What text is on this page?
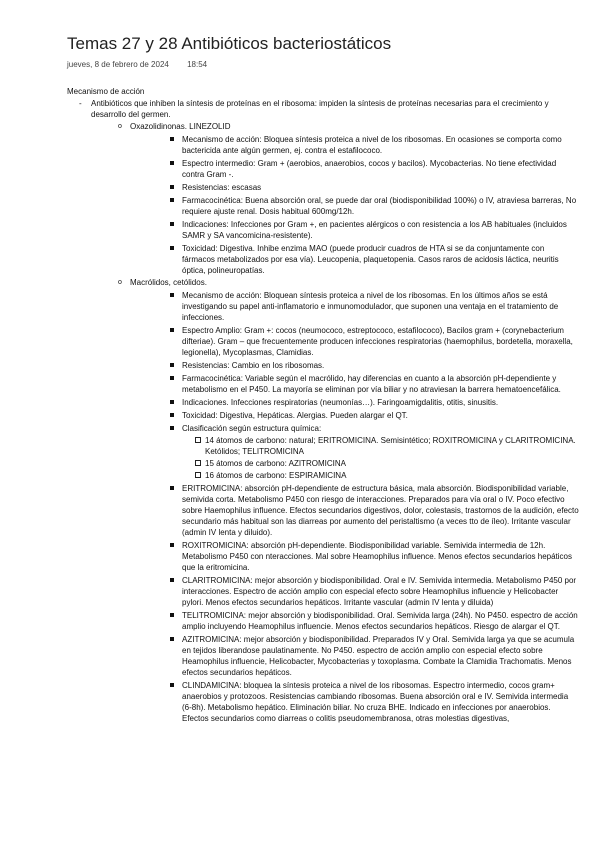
Temas 27 y 28 Antibióticos bacteriostáticos
jueves, 8 de febrero de 2024 18:54
Mecanismo de acción
- Antibióticos que inhiben la síntesis de proteínas en el ribosoma: impiden la síntesis de proteínas necesarias para el crecimiento y desarrollo del germen.
o Oxazolidinonas. LINEZOLID
Mecanismo de acción: Bloquea síntesis proteica a nivel de los ribosomas. En ocasiones se comporta como bactericida ante algún germen, ej. contra el estafilococo.
Espectro intermedio: Gram + (aerobios, anaerobios, cocos y bacilos). Mycobacterias. No tiene efectividad contra Gram -.
Resistencias: escasas
Farmacocinética: Buena absorción oral, se puede dar oral (biodisponibilidad 100%) o IV, atraviesa barreras, No requiere ajuste renal. Dosis habitual 600mg/12h.
Indicaciones: Infecciones por Gram +, en pacientes alérgicos o con resistencia a los AB habituales (incluidos SAMR y SA vancomicina-resistente).
Toxicidad: Digestiva. Inhibe enzima MAO (puede producir cuadros de HTA si se da conjuntamente con fármacos metabolizados por esa vía). Leucopenia, plaquetopenia. Casos raros de acidosis láctica, neuritis óptica, polineuropatías.
o Macrólidos, cetólidos.
Mecanismo de acción: Bloquean síntesis proteica a nivel de los ribosomas. En los últimos años se está investigando su papel anti-inflamatorio e inmunomodulador, que suponen una ventaja en el tratamiento de infecciones.
Espectro Amplio: Gram +: cocos (neumococo, estreptococo, estafilococo), Bacilos gram + (corynebacterium difteriae). Gram – que frecuentemente producen infecciones respiratorias (haemophilus, bordetella, moraxella, legionella), Mycoplasmas, Clamidias.
Resistencias: Cambio en los ribosomas.
Farmacocinética: Variable según el macrólido, hay diferencias en cuanto a la absorción pH-dependiente y metabolismo en el P450. La mayoría se eliminan por vía biliar y no atraviesan la barrera hematoencefálica.
Indicaciones. Infecciones respiratorias (neumonías…). Faringoamigdalitis, otitis, sinusitis.
Toxicidad: Digestiva, Hepáticas. Alergias. Pueden alargar el QT.
Clasificación según estructura química:
14 átomos de carbono: natural; ERITROMICINA. Semisintético; ROXITROMICINA y CLARITROMICINA. Ketólidos; TELITROMICINA
15 átomos de carbono: AZITROMICINA
16 átomos de carbono: ESPIRAMICINA
ERITROMICINA: absorción pH-dependiente de estructura básica, mala absorción. Biodisponibilidad variable, semivida corta. Metabolismo P450 con riesgo de interacciones. Preparados para vía oral o IV. Poco efectivo sobre Haemophilus influence. Efectos secundarios digestivos, dolor, colestasis, trastornos de la audición, efecto secundario más habitual son las diarreas por aumento del peristaltismo (a veces tto de íleo). Irritante vascular (admin IV lenta y diluido).
ROXITROMICINA: absorción pH-dependiente. Biodisponibilidad variable. Semivida intermedia de 12h. Metabolismo P450 con nteracciones. Mal sobre Heamophilus influence. Menos efectos secundarios hepáticos que la eritromicina.
CLARITROMICINA: mejor absorción y biodisponibilidad. Oral e IV. Semivida intermedia. Metabolismo P450 por interacciones. Espectro de acción amplio con especial efecto sobre Heamophilus influencie y Helicobacter pylori. Menos efectos secundarios hepáticos. Irritante vascular (admin IV lenta y diluida)
TELITROMICINA: mejor absorción y biodisponibilidad. Oral. Semivida larga (24h). No P450. espectro de acción amplio incluyendo Heamophilus influencie. Menos efectos secundarios hepáticos. Riesgo de alargar el QT.
AZITROMICINA: mejor absorción y biodisponibilidad. Preparados IV y Oral. Semivida larga ya que se acumula en tejidos liberandose paulatinamente. No P450. espectro de acción amplio con especial efecto sobre Heamophilus influencie, Helicobacter, Mycobacterias y toxoplasma. Combate la Clamidia Trachomatis. Menos efectos secundarios hepáticos.
CLINDAMICINA: bloquea la síntesis proteica a nivel de los ribosomas. Espectro intermedio, cocos gram+ anaerobios y protozoos. Resistencias cambiando ribosomas. Buena absorción oral e IV. Semivida intermedia (6-8h). Metabolismo hepático. Eliminación biliar. No cruza BHE. Indicado en infecciones por anaerobios. Efectos secundarios como diarreas o colitis pseudomembranosa, otras molestias digestivas,
